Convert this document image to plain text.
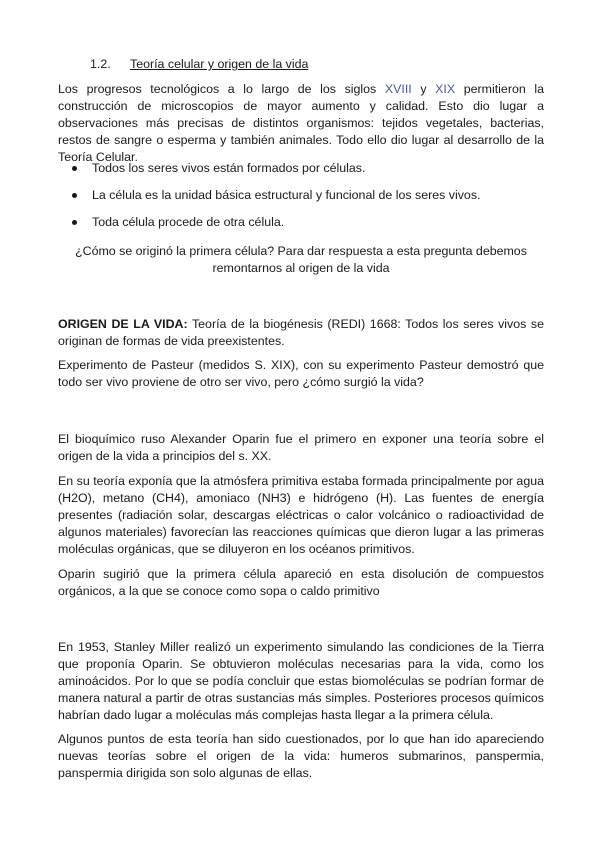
1.2. Teoría celular y origen de la vida

Los progresos tecnológicos a lo largo de los siglos XVIII y XIX permitieron la construcción de microscopios de mayor aumento y calidad. Esto dio lugar a observaciones más precisas de distintos organismos: tejidos vegetales, bacterias, restos de sangre o esperma y también animales. Todo ello dio lugar al desarrollo de la Teoría Celular.

Todos los seres vivos están formados por células.
La célula es la unidad básica estructural y funcional de los seres vivos.
Toda célula procede de otra célula.

¿Cómo se originó la primera célula? Para dar respuesta a esta pregunta debemos
remontarnos al origen de la vida

ORIGEN DE LA VIDA: Teoría de la biogénesis (REDI) 1668: Todos los seres vivos se originan de formas de vida preexistentes.

Experimento de Pasteur (medidos S. XIX), con su experimento Pasteur demostró que todo ser vivo proviene de otro ser vivo, pero ¿cómo surgió la vida?

El bioquímico ruso Alexander Oparin fue el primero en exponer una teoría sobre el origen de la vida a principios del s. XX.

En su teoría exponía que la atmósfera primitiva estaba formada principalmente por agua (H2O), metano (CH4), amoniaco (NH3) e hidrógeno (H). Las fuentes de energía presentes (radiación solar, descargas eléctricas o calor volcánico o radioactividad de algunos materiales) favorecían las reacciones químicas que dieron lugar a las primeras moléculas orgánicas, que se diluyeron en los océanos primitivos.

Oparin sugirió que la primera célula apareció en esta disolución de compuestos orgánicos, a la que se conoce como sopa o caldo primitivo

En 1953, Stanley Miller realizó un experimento simulando las condiciones de la Tierra que proponía Oparin. Se obtuvieron moléculas necesarias para la vida, como los aminoácidos. Por lo que se podía concluir que estas biomoléculas se podrían formar de manera natural a partir de otras sustancias más simples. Posteriores procesos químicos habrían dado lugar a moléculas más complejas hasta llegar a la primera célula.

Algunos puntos de esta teoría han sido cuestionados, por lo que han ido apareciendo nuevas teorías sobre el origen de la vida: humeros submarinos, panspermia, panspermia dirigida son solo algunas de ellas.
